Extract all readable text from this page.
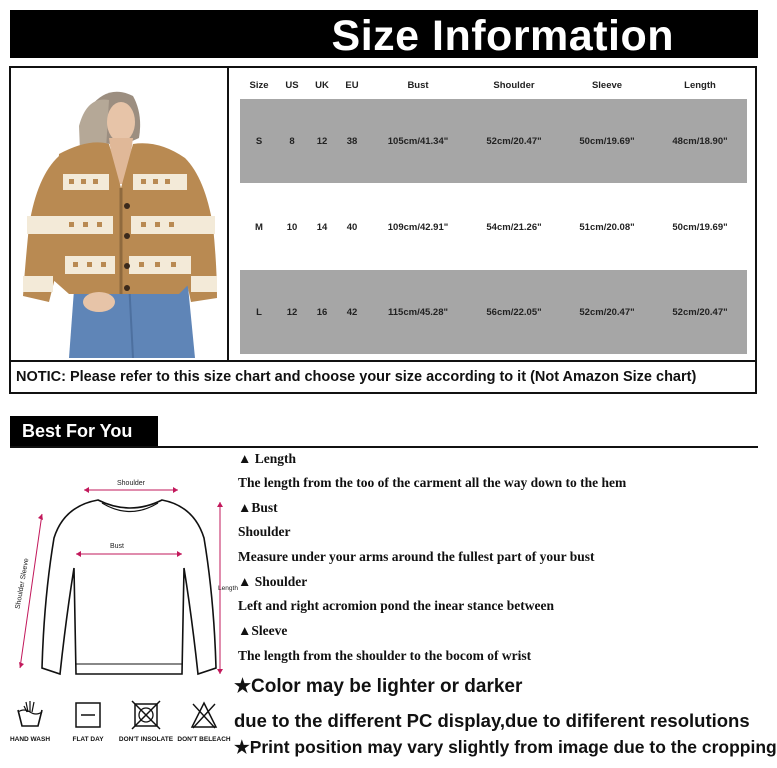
Size Information
Size US UK EU	Bust	Shoulder	Sleeve	Length
S	8 12 38	105cm/41.34"	52cm/20.47"	50cm/19.69"	48cm/18.90"
M	10 14 40	109cm/42.91"	54cm/21.26"	51cm/20.08"	50cm/19.69"
L	12 16 42	115cm/45.28"	56cm/22.05"	52cm/20.47"	52cm/20.47"
NOTIC: Please refer to this size chart and choose your size according to it (Not Amazon Size chart)
Best For You
Shoulder
Bust
Length
Shoulder Sleeve
▲ Length
The length from the too of the carment all the way down to the hem
▲Bust
Shoulder
Measure under your arms around the fullest part of your bust
▲ Shoulder
Left and right acromion pond the inear stance between
▲Sleeve
The length from the shoulder to the bocom of wrist
★Color may be lighter or darker
due to the different PC display,due to dififerent resolutions
★Print position may vary slightly from image due to the cropping
HAND WASH	FLAT DAY	DON'T INSOLATE DON'T BELEACH
